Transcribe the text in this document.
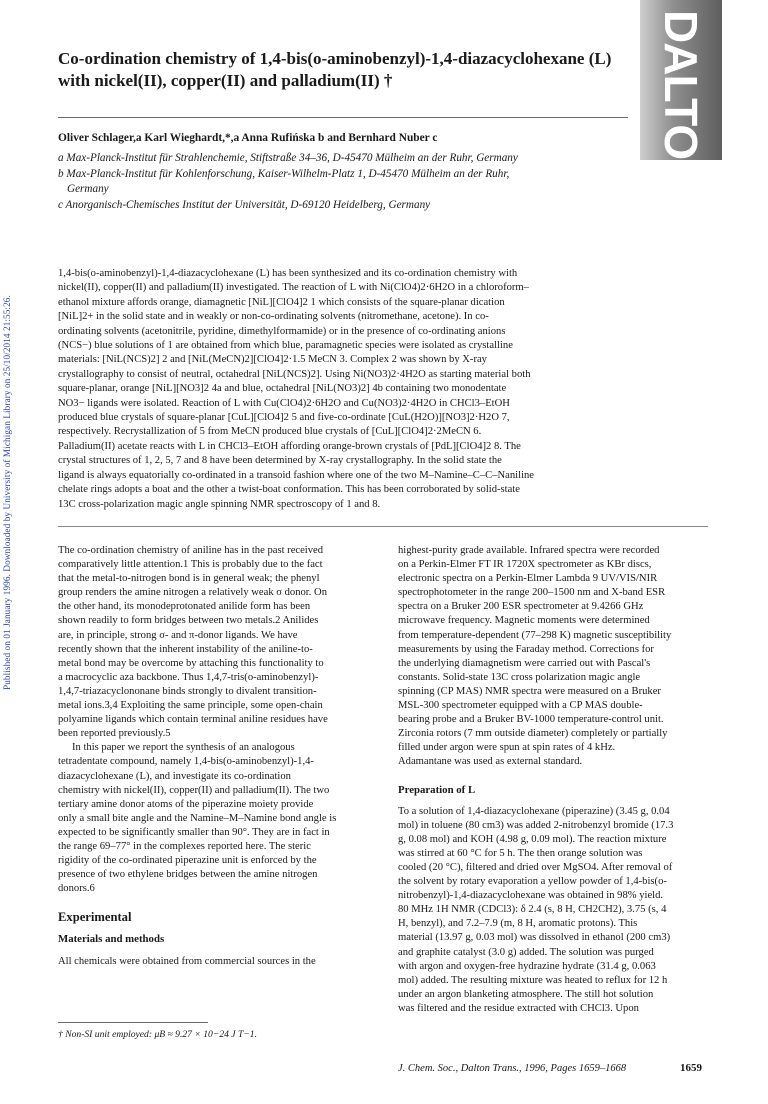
Published on 01 January 1996. Downloaded by University of Michigan Library on 25/10/2014 21:55:26.
DALTON
Co-ordination chemistry of 1,4-bis(o-aminobenzyl)-1,4-diazacyclohexane (L) with nickel(II), copper(II) and palladium(II) †
Oliver Schlager,a Karl Wieghardt,*,a Anna Rufińska b and Bernhard Nuber c
a Max-Planck-Institut für Strahlenchemie, Stiftstraße 34–36, D-45470 Mülheim an der Ruhr, Germany
b Max-Planck-Institut für Kohlenforschung, Kaiser-Wilhelm-Platz 1, D-45470 Mülheim an der Ruhr,
Germany
c Anorganisch-Chemisches Institut der Universität, D-69120 Heidelberg, Germany
1,4-bis(o-aminobenzyl)-1,4-diazacyclohexane (L) has been synthesized and its co-ordination chemistry with
nickel(II), copper(II) and palladium(II) investigated. The reaction of L with Ni(ClO4)2·6H2O in a chloroform–
ethanol mixture affords orange, diamagnetic [NiL][ClO4]2 1 which consists of the square-planar dication
[NiL]2+ in the solid state and in weakly or non-co-ordinating solvents (nitromethane, acetone). In co-
ordinating solvents (acetonitrile, pyridine, dimethylformamide) or in the presence of co-ordinating anions
(NCS−) blue solutions of 1 are obtained from which blue, paramagnetic species were isolated as crystalline
materials: [NiL(NCS)2] 2 and [NiL(MeCN)2][ClO4]2·1.5 MeCN 3. Complex 2 was shown by X-ray
crystallography to consist of neutral, octahedral [NiL(NCS)2]. Using Ni(NO3)2·4H2O as starting material both
square-planar, orange [NiL][NO3]2 4a and blue, octahedral [NiL(NO3)2] 4b containing two monodentate
NO3− ligands were isolated. Reaction of L with Cu(ClO4)2·6H2O and Cu(NO3)2·4H2O in CHCl3–EtOH
produced blue crystals of square-planar [CuL][ClO4]2 5 and five-co-ordinate [CuL(H2O)][NO3]2·H2O 7,
respectively. Recrystallization of 5 from MeCN produced blue crystals of [CuL][ClO4]2·2MeCN 6.
Palladium(II) acetate reacts with L in CHCl3–EtOH affording orange-brown crystals of [PdL][ClO4]2 8. The
crystal structures of 1, 2, 5, 7 and 8 have been determined by X-ray crystallography. In the solid state the
ligand is always equatorially co-ordinated in a transoid fashion where one of the two M–Namine–C–C–Naniline
chelate rings adopts a boat and the other a twist-boat conformation. This has been corroborated by solid-state
13C cross-polarization magic angle spinning NMR spectroscopy of 1 and 8.
The co-ordination chemistry of aniline has in the past received
comparatively little attention.1 This is probably due to the fact
that the metal-to-nitrogen bond is in general weak; the phenyl
group renders the amine nitrogen a relatively weak σ donor. On
the other hand, its monodeprotonated anilide form has been
shown readily to form bridges between two metals.2 Anilides
are, in principle, strong σ- and π-donor ligands. We have
recently shown that the inherent instability of the aniline-to-
metal bond may be overcome by attaching this functionality to
a macrocyclic aza backbone. Thus 1,4,7-tris(o-aminobenzyl)-
1,4,7-triazacyclononane binds strongly to divalent transition-
metal ions.3,4 Exploiting the same principle, some open-chain
polyamine ligands which contain terminal aniline residues have
been reported previously.5
In this paper we report the synthesis of an analogous
tetradentate compound, namely 1,4-bis(o-aminobenzyl)-1,4-
diazacyclohexane (L), and investigate its co-ordination
chemistry with nickel(II), copper(II) and palladium(II). The two
tertiary amine donor atoms of the piperazine moiety provide
only a small bite angle and the Namine–M–Namine bond angle is
expected to be significantly smaller than 90°. They are in fact in
the range 69–77° in the complexes reported here. The steric
rigidity of the co-ordinated piperazine unit is enforced by the
presence of two ethylene bridges between the amine nitrogen
donors.6
Experimental
Materials and methods
All chemicals were obtained from commercial sources in the
highest-purity grade available. Infrared spectra were recorded
on a Perkin-Elmer FT IR 1720X spectrometer as KBr discs,
electronic spectra on a Perkin-Elmer Lambda 9 UV/VIS/NIR
spectrophotometer in the range 200–1500 nm and X-band ESR
spectra on a Bruker 200 ESR spectrometer at 9.4266 GHz
microwave frequency. Magnetic moments were determined
from temperature-dependent (77–298 K) magnetic susceptibility
measurements by using the Faraday method. Corrections for
the underlying diamagnetism were carried out with Pascal's
constants. Solid-state 13C cross polarization magic angle
spinning (CP MAS) NMR spectra were measured on a Bruker
MSL-300 spectrometer equipped with a CP MAS double-
bearing probe and a Bruker BV-1000 temperature-control unit.
Zirconia rotors (7 mm outside diameter) completely or partially
filled under argon were spun at spin rates of 4 kHz.
Adamantane was used as external standard.
Preparation of L
To a solution of 1,4-diazacyclohexane (piperazine) (3.45 g, 0.04
mol) in toluene (80 cm3) was added 2-nitrobenzyl bromide (17.3
g, 0.08 mol) and KOH (4.98 g, 0.09 mol). The reaction mixture
was stirred at 60 °C for 5 h. The then orange solution was
cooled (20 °C), filtered and dried over MgSO4. After removal of
the solvent by rotary evaporation a yellow powder of 1,4-bis(o-
nitrobenzyl)-1,4-diazacyclohexane was obtained in 98% yield.
80 MHz 1H NMR (CDCl3): δ 2.4 (s, 8 H, CH2CH2), 3.75 (s, 4
H, benzyl), and 7.2–7.9 (m, 8 H, aromatic protons). This
material (13.97 g, 0.03 mol) was dissolved in ethanol (200 cm3)
and graphite catalyst (3.0 g) added. The solution was purged
with argon and oxygen-free hydrazine hydrate (31.4 g, 0.063
mol) added. The resulting mixture was heated to reflux for 12 h
under an argon blanketing atmosphere. The still hot solution
was filtered and the residue extracted with CHCl3. Upon
† Non-SI unit employed: μB ≈ 9.27 × 10−24 J T−1.
J. Chem. Soc., Dalton Trans., 1996, Pages 1659–1668	1659
